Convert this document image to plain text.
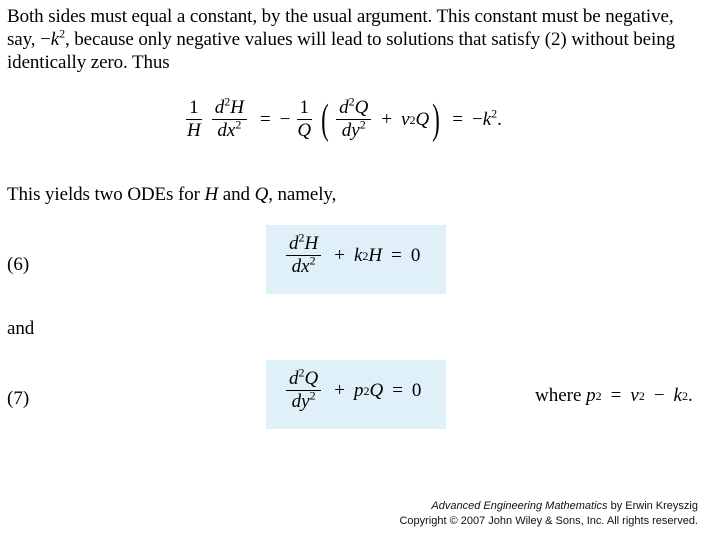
Both sides must equal a constant, by the usual argument. This constant must be negative,
say, $-k^2$, because only negative values will lead to solutions that satisfy (2) without being
identically zero. Thus
$\frac{1}{H} \frac{d^2H}{dx^2}$ = − $\frac{1}{Q}$ ( $\frac{d^2Q}{dy^2} + \nu$ 2 Q ) = $-k^2$.
This yields two ODEs for H and Q, namely,
(6)	$\frac{d^2H}{dx^2} + k$ 2 H = 0
and
(7)	$\frac{d^2Q}{dy^2} + p$ 2 Q = 0	where
p 2 = ν 2 − k 2 .
Advanced Engineering Mathematics by Erwin Kreyszig
Copyright © 2007 John Wiley & Sons, Inc. All rights reserved.
